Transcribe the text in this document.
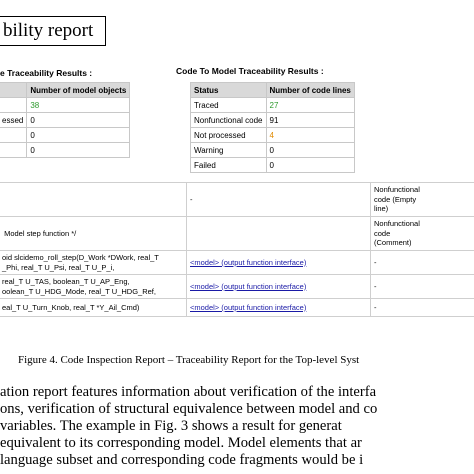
bility report
e Traceability Results :
	Number of model objects
	38
essed	0
	0
	0
Code To Model Traceability Results :
Status	Number of code lines
Traced	27
Nonfunctional code	91
Not processed	4
Warning	0
Failed	0
	-	Nonfunctional
code (Empty
line)
Model step function */		Nonfunctional
code
(Comment)
oid slcidemo_roll_step(D_Work *DWork, real_T
_Phi, real_T U_Psi, real_T U_P_i,	<model> (output function interface)	-
real_T U_TAS, boolean_T U_AP_Eng,
oolean_T U_HDG_Mode, real_T U_HDG_Ref,	<model> (output function interface)	-
eal_T U_Turn_Knob, real_T *Y_Ail_Cmd)	<model> (output function interface)	-
Figure 4. Code Inspection Report – Traceability Report for the Top-level Syst
ation report features information about verification of the interfa
ons, verification of structural equivalence between model and co
variables. The example in Fig. 3 shows a result for generat
equivalent to its corresponding model. Model elements that ar
language subset and corresponding code fragments would be i
